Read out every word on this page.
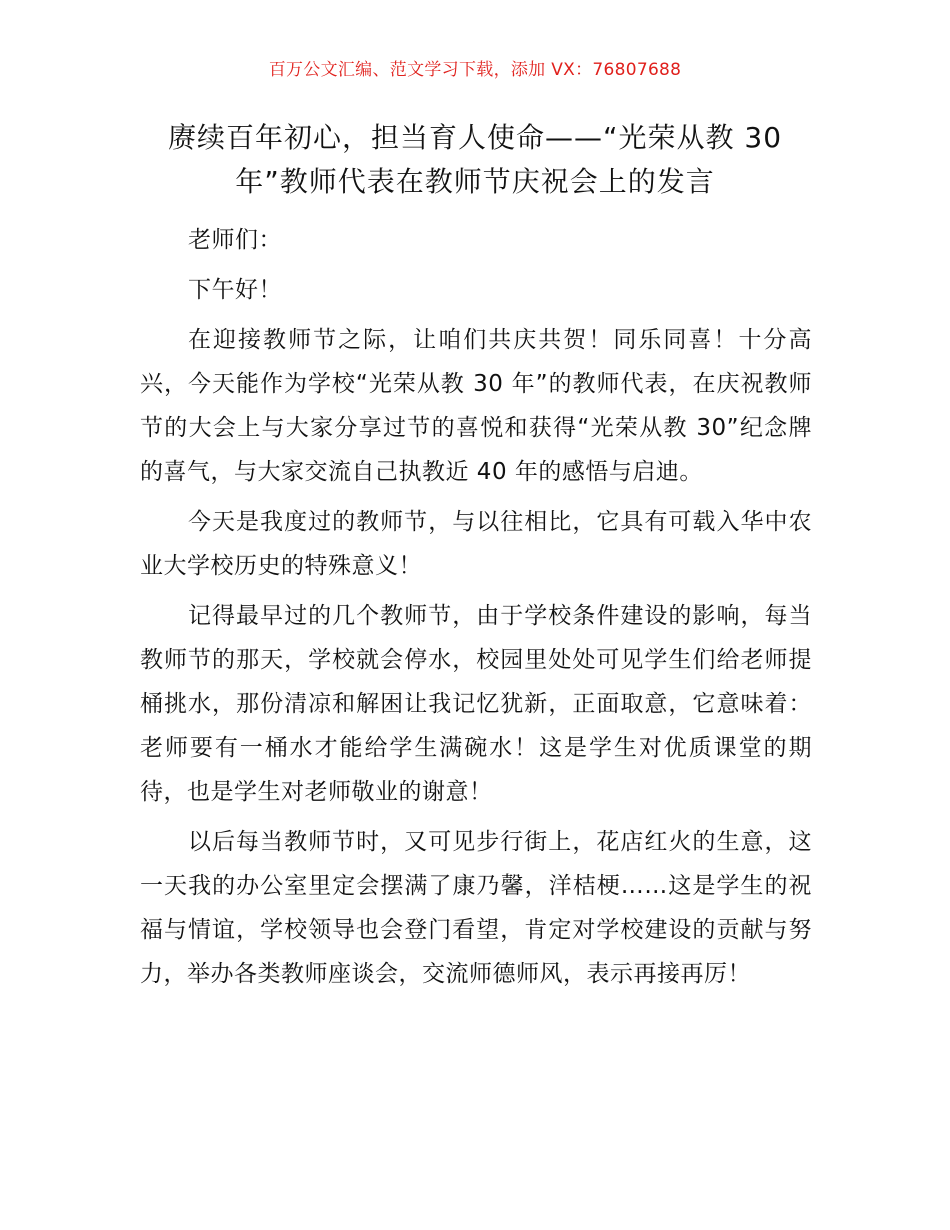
百万公文汇编、范文学习下载，添加 VX：76807688
赓续百年初心，担当育人使命——“光荣从教 30 年”教师代表在教师节庆祝会上的发言

老师们：

下午好！

在迎接教师节之际，让咱们共庆共贺！同乐同喜！十分高兴，今天能作为学校“光荣从教 30 年”的教师代表，在庆祝教师节的大会上与大家分享过节的喜悦和获得“光荣从教 30”纪念牌的喜气，与大家交流自己执教近 40 年的感悟与启迪。

今天是我度过的教师节，与以往相比，它具有可载入华中农业大学校历史的特殊意义！

记得最早过的几个教师节，由于学校条件建设的影响，每当教师节的那天，学校就会停水，校园里处处可见学生们给老师提桶挑水，那份清凉和解困让我记忆犹新，正面取意，它意味着：老师要有一桶水才能给学生满碗水！这是学生对优质课堂的期待，也是学生对老师敬业的谢意！

以后每当教师节时，又可见步行街上，花店红火的生意，这一天我的办公室里定会摆满了康乃馨，洋桔梗……这是学生的祝福与情谊，学校领导也会登门看望，肯定对学校建设的贡献与努力，举办各类教师座谈会，交流师德师风，表示再接再厉！
